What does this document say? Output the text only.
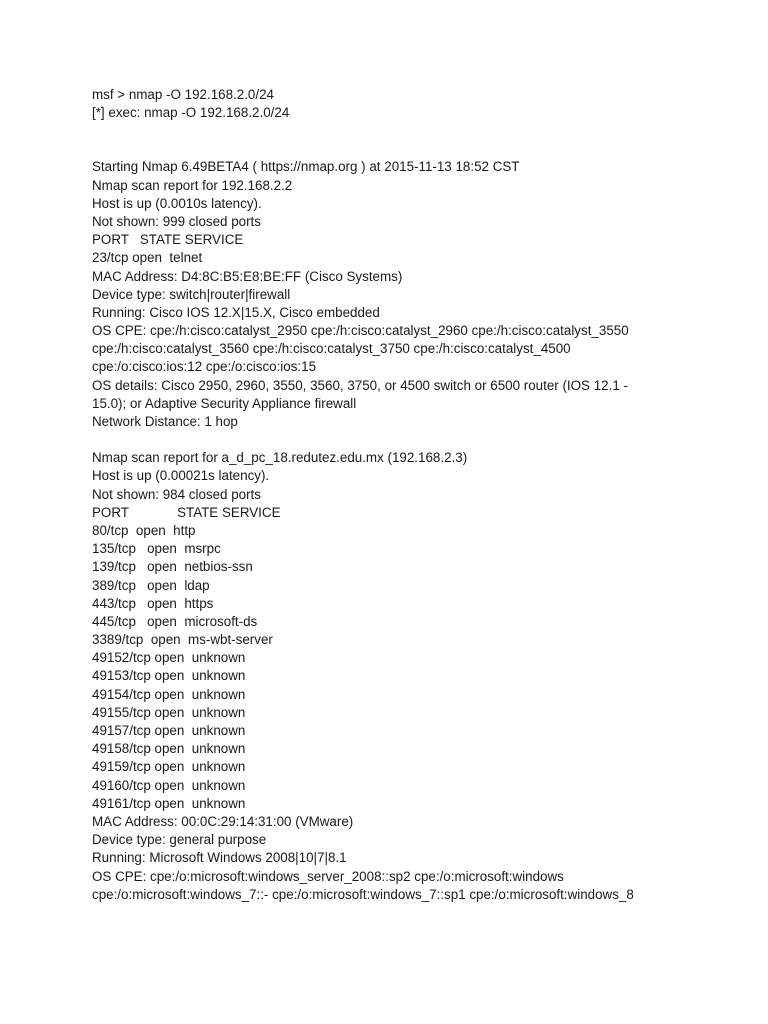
msf > nmap -O 192.168.2.0/24
[*] exec: nmap -O 192.168.2.0/24
Starting Nmap 6.49BETA4 ( https://nmap.org ) at 2015-11-13 18:52 CST
Nmap scan report for 192.168.2.2
Host is up (0.0010s latency).
Not shown: 999 closed ports
PORT   STATE SERVICE
23/tcp open  telnet
MAC Address: D4:8C:B5:E8:BE:FF (Cisco Systems)
Device type: switch|router|firewall
Running: Cisco IOS 12.X|15.X, Cisco embedded
OS CPE: cpe:/h:cisco:catalyst_2950 cpe:/h:cisco:catalyst_2960 cpe:/h:cisco:catalyst_3550
cpe:/h:cisco:catalyst_3560 cpe:/h:cisco:catalyst_3750 cpe:/h:cisco:catalyst_4500
cpe:/o:cisco:ios:12 cpe:/o:cisco:ios:15
OS details: Cisco 2950, 2960, 3550, 3560, 3750, or 4500 switch or 6500 router (IOS 12.1 -
15.0); or Adaptive Security Appliance firewall
Network Distance: 1 hop
Nmap scan report for a_d_pc_18.redutez.edu.mx (192.168.2.3)
Host is up (0.00021s latency).
Not shown: 984 closed ports
PORT             STATE SERVICE
80/tcp  open  http
135/tcp   open  msrpc
139/tcp   open  netbios-ssn
389/tcp   open  ldap
443/tcp   open  https
445/tcp   open  microsoft-ds
3389/tcp  open  ms-wbt-server
49152/tcp open  unknown
49153/tcp open  unknown
49154/tcp open  unknown
49155/tcp open  unknown
49157/tcp open  unknown
49158/tcp open  unknown
49159/tcp open  unknown
49160/tcp open  unknown
49161/tcp open  unknown
MAC Address: 00:0C:29:14:31:00 (VMware)
Device type: general purpose
Running: Microsoft Windows 2008|10|7|8.1
OS CPE: cpe:/o:microsoft:windows_server_2008::sp2 cpe:/o:microsoft:windows
cpe:/o:microsoft:windows_7::- cpe:/o:microsoft:windows_7::sp1 cpe:/o:microsoft:windows_8
